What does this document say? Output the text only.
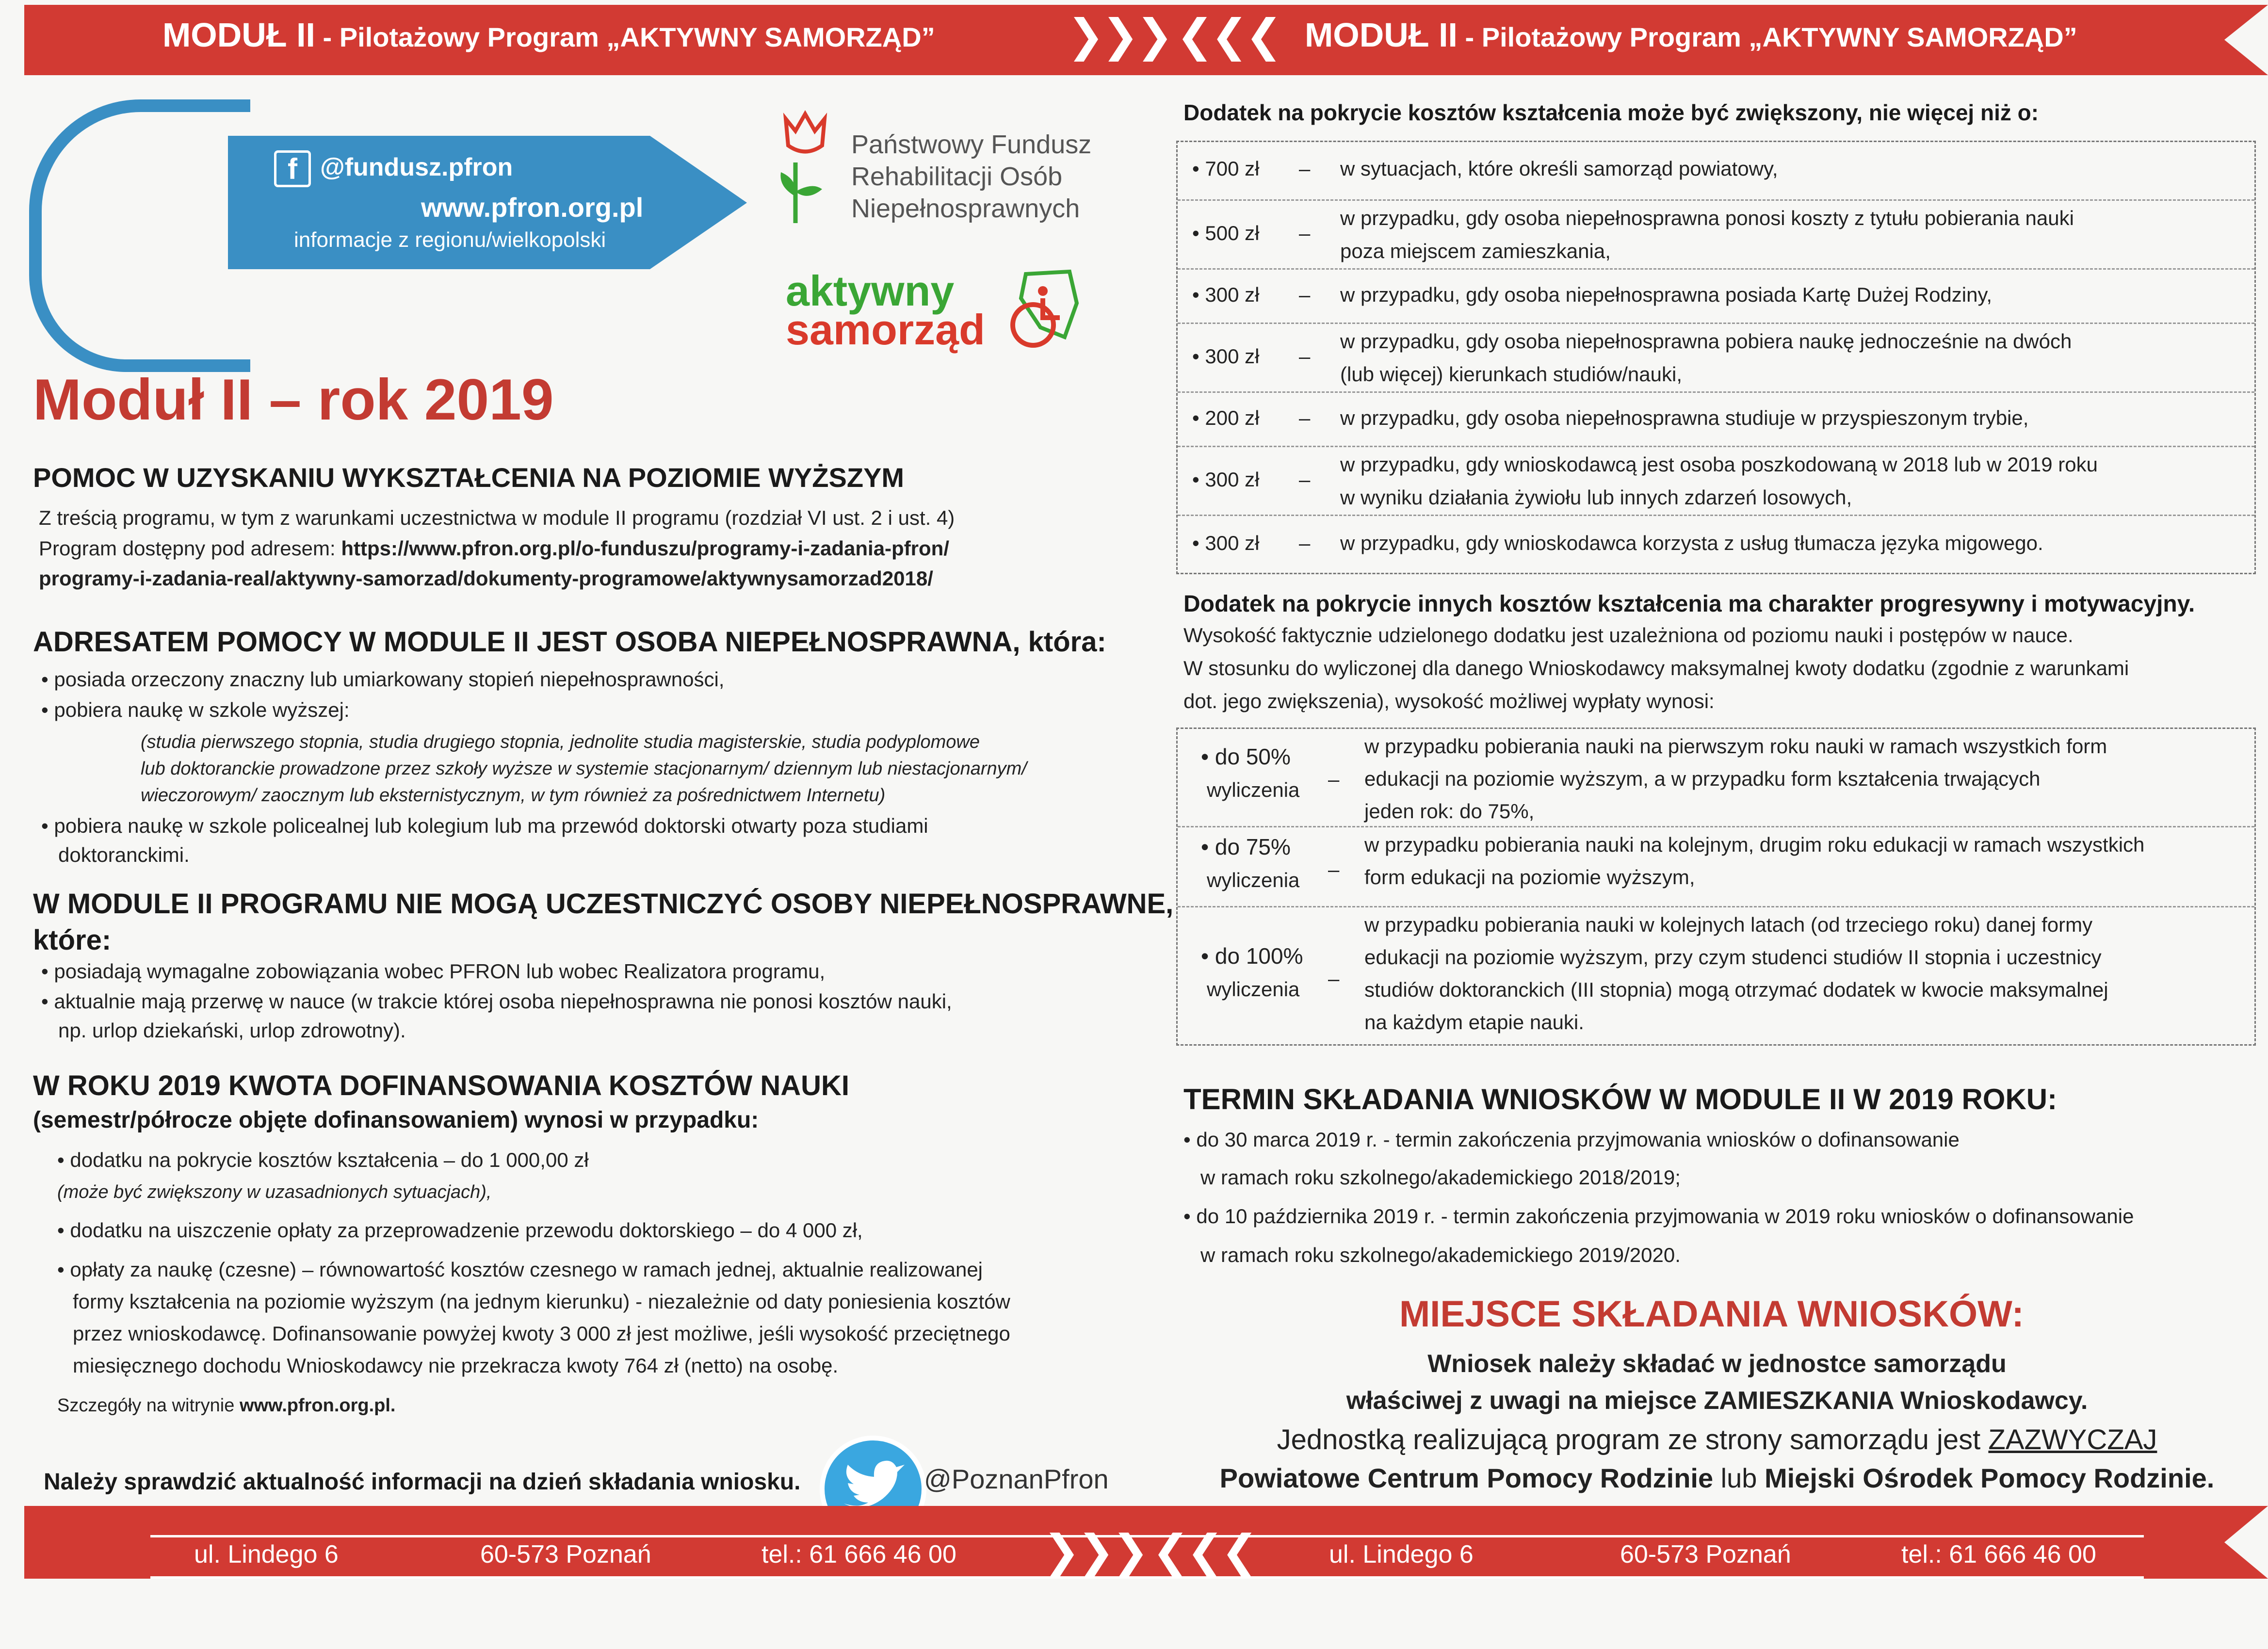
MODUŁ II - Pilotażowy Program „AKTYWNY SAMORZĄD”	❯❯❯ ❮❮❮ MODUŁ II - Pilotażowy Program „AKTYWNY SAMORZĄD”
f @fundusz.pfron
www.pfron.org.pl
informacje z regionu/wielkopolski
Państwowy Fundusz
Rehabilitacji Osób
Niepełnosprawnych
aktywny
samorząd
Moduł II – rok 2019
POMOC W UZYSKANIU WYKSZTAŁCENIA NA POZIOMIE WYŻSZYM
Z treścią programu, w tym z warunkami uczestnictwa w module II programu (rozdział VI ust. 2 i ust. 4)
Program dostępny pod adresem: https://www.pfron.org.pl/o-funduszu/programy-i-zadania-pfron/
programy-i-zadania-real/aktywny-samorzad/dokumenty-programowe/aktywnysamorzad2018/
ADRESATEM POMOCY W MODULE II JEST OSOBA NIEPEŁNOSPRAWNA, która:
• posiada orzeczony znaczny lub umiarkowany stopień niepełnosprawności,
• pobiera naukę w szkole wyższej:
(studia pierwszego stopnia, studia drugiego stopnia, jednolite studia magisterskie, studia podyplomowe
lub doktoranckie prowadzone przez szkoły wyższe w systemie stacjonarnym/ dziennym lub niestacjonarnym/
wieczorowym/ zaocznym lub eksternistycznym, w tym również za pośrednictwem Internetu)
• pobiera naukę w szkole policealnej lub kolegium lub ma przewód doktorski otwarty poza studiami
doktoranckimi.
W MODULE II PROGRAMU NIE MOGĄ UCZESTNICZYĆ OSOBY NIEPEŁNOSPRAWNE,
które:
• posiadają wymagalne zobowiązania wobec PFRON lub wobec Realizatora programu,
• aktualnie mają przerwę w nauce (w trakcie której osoba niepełnosprawna nie ponosi kosztów nauki,
np. urlop dziekański, urlop zdrowotny).
W ROKU 2019 KWOTA DOFINANSOWANIA KOSZTÓW NAUKI
(semestr/półrocze objęte dofinansowaniem) wynosi w przypadku:
• dodatku na pokrycie kosztów kształcenia – do 1 000,00 zł
(może być zwiększony w uzasadnionych sytuacjach),
• dodatku na uiszczenie opłaty za przeprowadzenie przewodu doktorskiego – do 4 000 zł,
• opłaty za naukę (czesne) – równowartość kosztów czesnego w ramach jednej, aktualnie realizowanej
formy kształcenia na poziomie wyższym (na jednym kierunku) - niezależnie od daty poniesienia kosztów
przez wnioskodawcę. Dofinansowanie powyżej kwoty 3 000 zł jest możliwe, jeśli wysokość przeciętnego
miesięcznego dochodu Wnioskodawcy nie przekracza kwoty 764 zł (netto) na osobę.
Szczegóły na witrynie www.pfron.org.pl.
Należy sprawdzić aktualność informacji na dzień składania wniosku.	@PoznanPfron
Dodatek na pokrycie kosztów kształcenia może być zwiększony, nie więcej niż o:
• 700 zł – w sytuacjach, które określi samorząd powiatowy,
• 500 zł –
w przypadku, gdy osoba niepełnosprawna ponosi koszty z tytułu pobierania nauki
poza miejscem zamieszkania,
• 300 zł – w przypadku, gdy osoba niepełnosprawna posiada Kartę Dużej Rodziny,
• 300 zł –
w przypadku, gdy osoba niepełnosprawna pobiera naukę jednocześnie na dwóch
(lub więcej) kierunkach studiów/nauki,
• 200 zł – w przypadku, gdy osoba niepełnosprawna studiuje w przyspieszonym trybie,
• 300 zł –
w przypadku, gdy wnioskodawcą jest osoba poszkodowaną w 2018 lub w 2019 roku
w wyniku działania żywiołu lub innych zdarzeń losowych,
• 300 zł – w przypadku, gdy wnioskodawca korzysta z usług tłumacza języka migowego.
Dodatek na pokrycie innych kosztów kształcenia ma charakter progresywny i motywacyjny.
Wysokość faktycznie udzielonego dodatku jest uzależniona od poziomu nauki i postępów w nauce.
W stosunku do wyliczonej dla danego Wnioskodawcy maksymalnej kwoty dodatku (zgodnie z warunkami
dot. jego zwiększenia), wysokość możliwej wypłaty wynosi:
• do 50%
wyliczenia –
w przypadku pobierania nauki na pierwszym roku nauki w ramach wszystkich form
edukacji na poziomie wyższym, a w przypadku form kształcenia trwających
jeden rok: do 75%,
• do 75%
wyliczenia –
w przypadku pobierania nauki na kolejnym, drugim roku edukacji w ramach wszystkich
form edukacji na poziomie wyższym,
• do 100%
wyliczenia –
w przypadku pobierania nauki w kolejnych latach (od trzeciego roku) danej formy
edukacji na poziomie wyższym, przy czym studenci studiów II stopnia i uczestnicy
studiów doktoranckich (III stopnia) mogą otrzymać dodatek w kwocie maksymalnej
na każdym etapie nauki.
TERMIN SKŁADANIA WNIOSKÓW W MODULE II W 2019 ROKU:
• do 30 marca 2019 r. - termin zakończenia przyjmowania wniosków o dofinansowanie
w ramach roku szkolnego/akademickiego 2018/2019;
• do 10 października 2019 r. - termin zakończenia przyjmowania w 2019 roku wniosków o dofinansowanie
w ramach roku szkolnego/akademickiego 2019/2020.
MIEJSCE SKŁADANIA WNIOSKÓW:
Wniosek należy składać w jednostce samorządu
właściwej z uwagi na miejsce ZAMIESZKANIA Wnioskodawcy.
Jednostką realizującą program ze strony samorządu jest ZAZWYCZAJ
Powiatowe Centrum Pomocy Rodzinie lub Miejski Ośrodek Pomocy Rodzinie.
ul. Lindego 6	60-573 Poznań	tel.: 61 666 46 00 ❯❯❯ ❮❮❮	ul. Lindego 6	60-573 Poznań	tel.: 61 666 46 00
